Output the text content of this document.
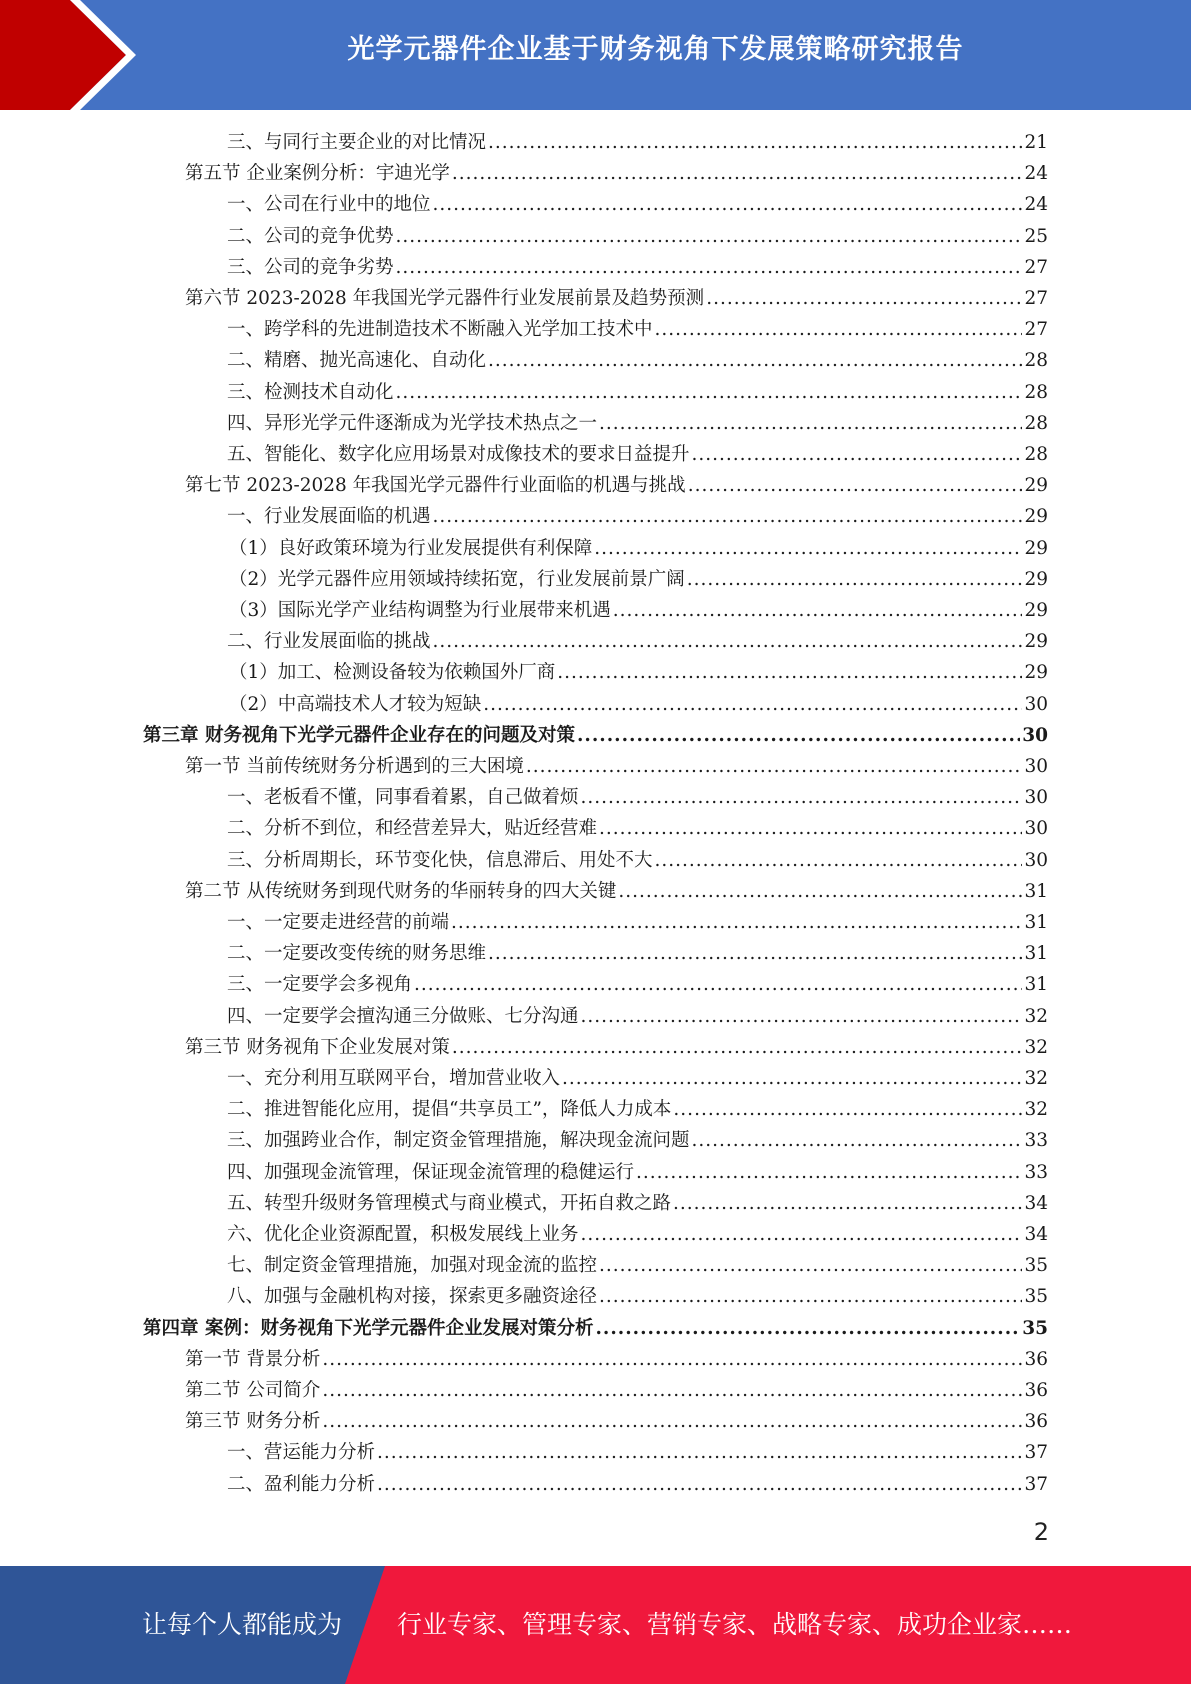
光学元器件企业基于财务视角下发展策略研究报告
三、与同行主要企业的对比情况 .....	21
第五节 企业案例分析：宇迪光学 .....	24
一、公司在行业中的地位 .....	24
二、公司的竞争优势 .....	25
三、公司的竞争劣势 .....	27
第六节 2023-2028 年我国光学元器件行业发展前景及趋势预测 .....	27
一、跨学科的先进制造技术不断融入光学加工技术中 .....	27
二、精磨、抛光高速化、自动化 .....	28
三、检测技术自动化 .....	28
四、异形光学元件逐渐成为光学技术热点之一 .....	28
五、智能化、数字化应用场景对成像技术的要求日益提升 .....	28
第七节 2023-2028 年我国光学元器件行业面临的机遇与挑战 .....	29
一、行业发展面临的机遇 .....	29
（1）良好政策环境为行业发展提供有利保障 .....	29
（2）光学元器件应用领域持续拓宽，行业发展前景广阔 .....	29
（3）国际光学产业结构调整为行业展带来机遇 .....	29
二、行业发展面临的挑战 .....	29
（1）加工、检测设备较为依赖国外厂商 .....	29
（2）中高端技术人才较为短缺 .....	30
第三章 财务视角下光学元器件企业存在的问题及对策 .....	30
第一节 当前传统财务分析遇到的三大困境 .....	30
一、老板看不懂，同事看着累，自己做着烦 .....	30
二、分析不到位，和经营差异大，贴近经营难 .....	30
三、分析周期长，环节变化快，信息滞后、用处不大 .....	30
第二节 从传统财务到现代财务的华丽转身的四大关键 .....	31
一、一定要走进经营的前端 .....	31
二、一定要改变传统的财务思维 .....	31
三、一定要学会多视角 .....	31
四、一定要学会擅沟通三分做账、七分沟通 .....	32
第三节 财务视角下企业发展对策 .....	32
一、充分利用互联网平台，增加营业收入 .....	32
二、推进智能化应用，提倡“共享员工”，降低人力成本 .....	32
三、加强跨业合作，制定资金管理措施，解决现金流问题 .....	33
四、加强现金流管理，保证现金流管理的稳健运行 .....	33
五、转型升级财务管理模式与商业模式，开拓自救之路 .....	34
六、优化企业资源配置，积极发展线上业务 .....	34
七、制定资金管理措施，加强对现金流的监控 .....	35
八、加强与金融机构对接，探索更多融资途径 .....	35
第四章 案例：财务视角下光学元器件企业发展对策分析 .....	35
第一节 背景分析 .....	36
第二节 公司简介 .....	36
第三节 财务分析 .....	36
一、营运能力分析 .....	37
二、盈利能力分析 .....	37
2
让每个人都能成为 行业专家、管理专家、营销专家、战略专家、成功企业家……
